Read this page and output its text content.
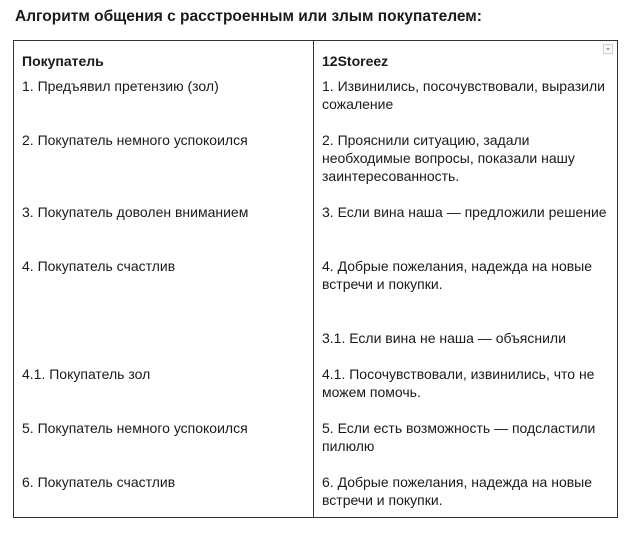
Алгоритм общения с расстроенным или злым покупателем:
Покупатель	12Storeez

1. Предъявил претензию (зол)	1. Извинились, посочувствовали, выразили сожаление

2. Покупатель немного успокоился	2. Прояснили ситуацию, задали необходимые вопросы, показали нашу заинтересованность.

3. Покупатель доволен вниманием	3. Если вина наша — предложили решение

4. Покупатель счастлив	4. Добрые пожелания, надежда на новые встречи и покупки.

	3.1. Если вина не наша — объяснили

4.1. Покупатель зол	4.1. Посочувствовали, извинились, что не можем помочь.

5. Покупатель немного успокоился	5. Если есть возможность — подсластили пилюлю

6. Покупатель счастлив	6. Добрые пожелания, надежда на новые встречи и покупки.
